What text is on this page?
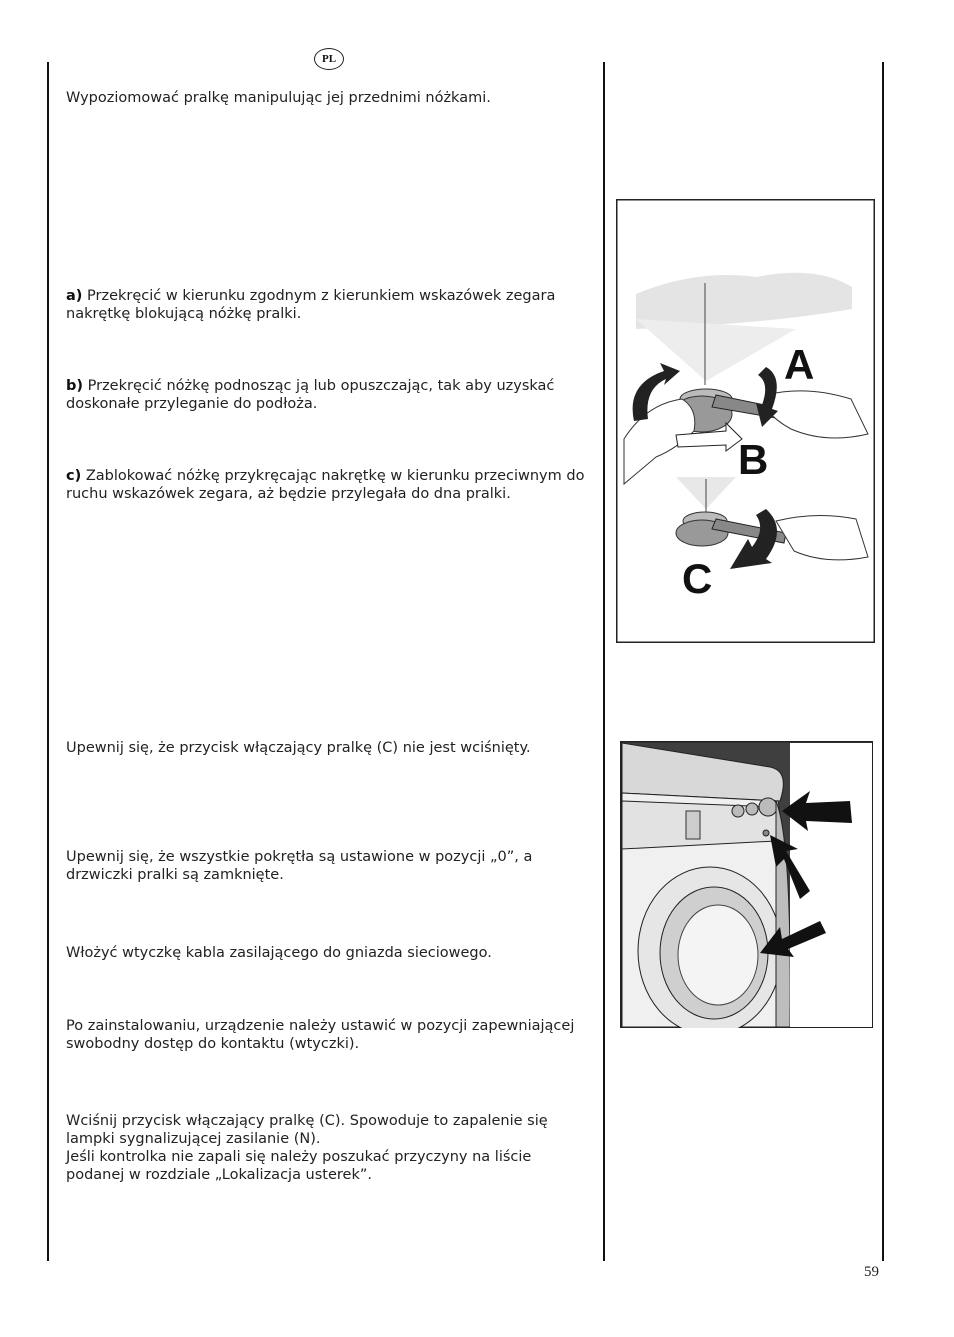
PL
Wypoziomować pralkę manipulując jej przednimi nóżkami.
a) Przekręcić w kierunku zgodnym z kierunkiem wskazówek zegara nakrętkę blokującą nóżkę pralki.
b) Przekręcić nóżkę podnosząc ją lub opuszczając, tak aby uzyskać doskonałe przyleganie do podłoża.
c) Zablokować nóżkę przykręcając nakrętkę w kierunku przeciwnym do ruchu wskazówek zegara, aż będzie przylegała do dna pralki.
Upewnij się, że przycisk włączający pralkę (C) nie jest wciśnięty.
Upewnij się, że wszystkie pokrętła są ustawione w pozycji „0”, a drzwiczki pralki są zamknięte.
Włożyć wtyczkę kabla zasilającego do gniazda sieciowego.
Po zainstalowaniu, urządzenie należy ustawić w pozycji zapewniającej swobodny dostęp do kontaktu (wtyczki).
Wciśnij przycisk włączający pralkę (C). Spowoduje to zapalenie się lampki sygnalizującej zasilanie (N).
Jeśli kontrolka nie zapali się należy poszukać przyczyny na liście podanej w rozdziale „Lokalizacja usterek”.
A
B
C
59
